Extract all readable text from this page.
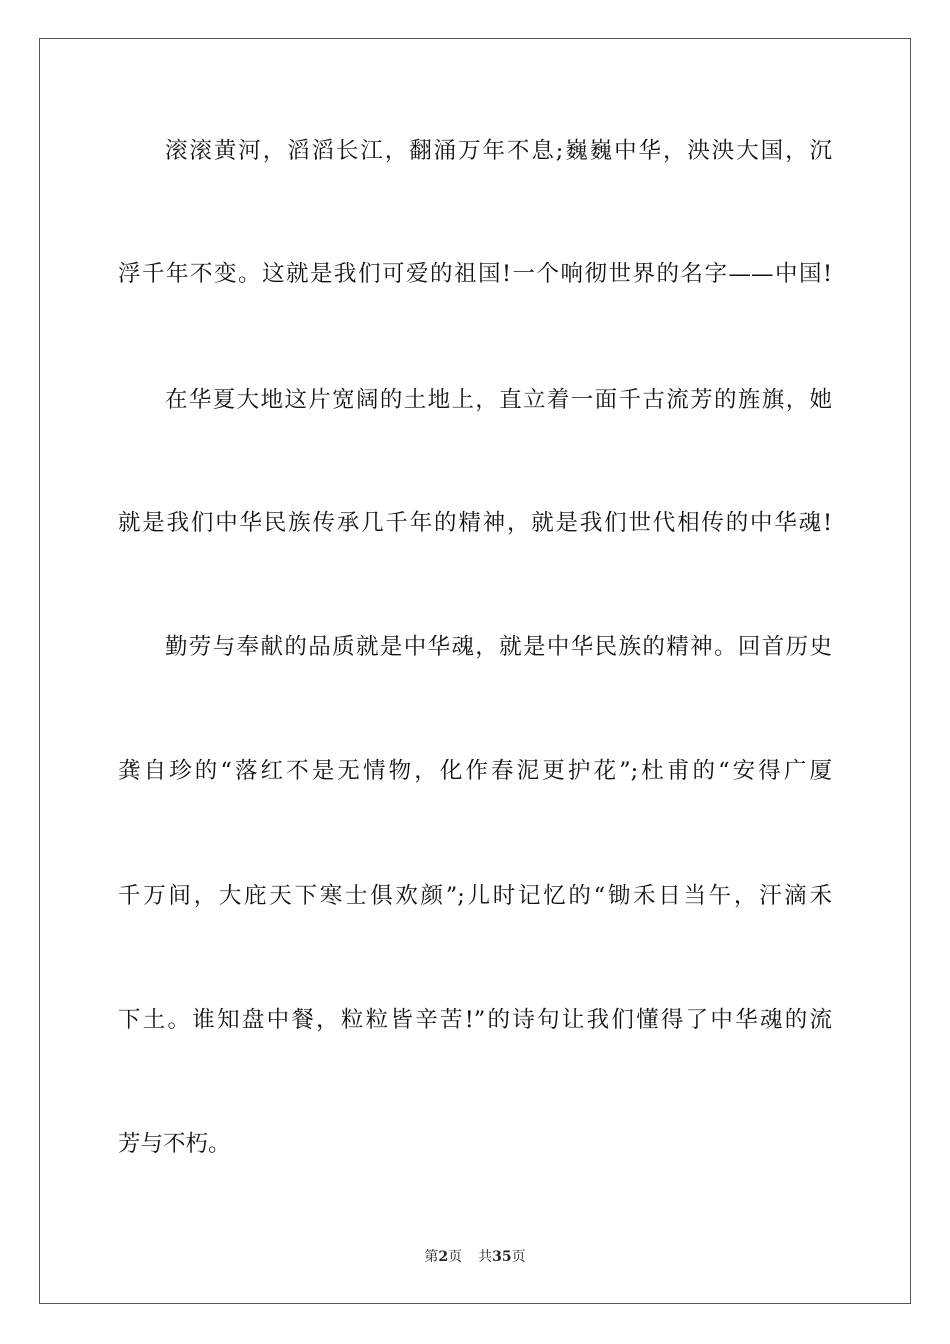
滚滚黄河，滔滔长江，翻涌万年不息;巍巍中华，泱泱大国，沉
浮千年不变。这就是我们可爱的祖国!一个响彻世界的名字——中国!
在华夏大地这片宽阔的土地上，直立着一面千古流芳的旌旗，她
就是我们中华民族传承几千年的精神，就是我们世代相传的中华魂!
勤劳与奉献的品质就是中华魂，就是中华民族的精神。回首历史
龚自珍的“落红不是无情物，化作春泥更护花”;杜甫的“安得广厦
千万间，大庇天下寒士俱欢颜”;儿时记忆的“锄禾日当午，汗滴禾
下土。谁知盘中餐，粒粒皆辛苦!”的诗句让我们懂得了中华魂的流
芳与不朽。
第2页 共35页
